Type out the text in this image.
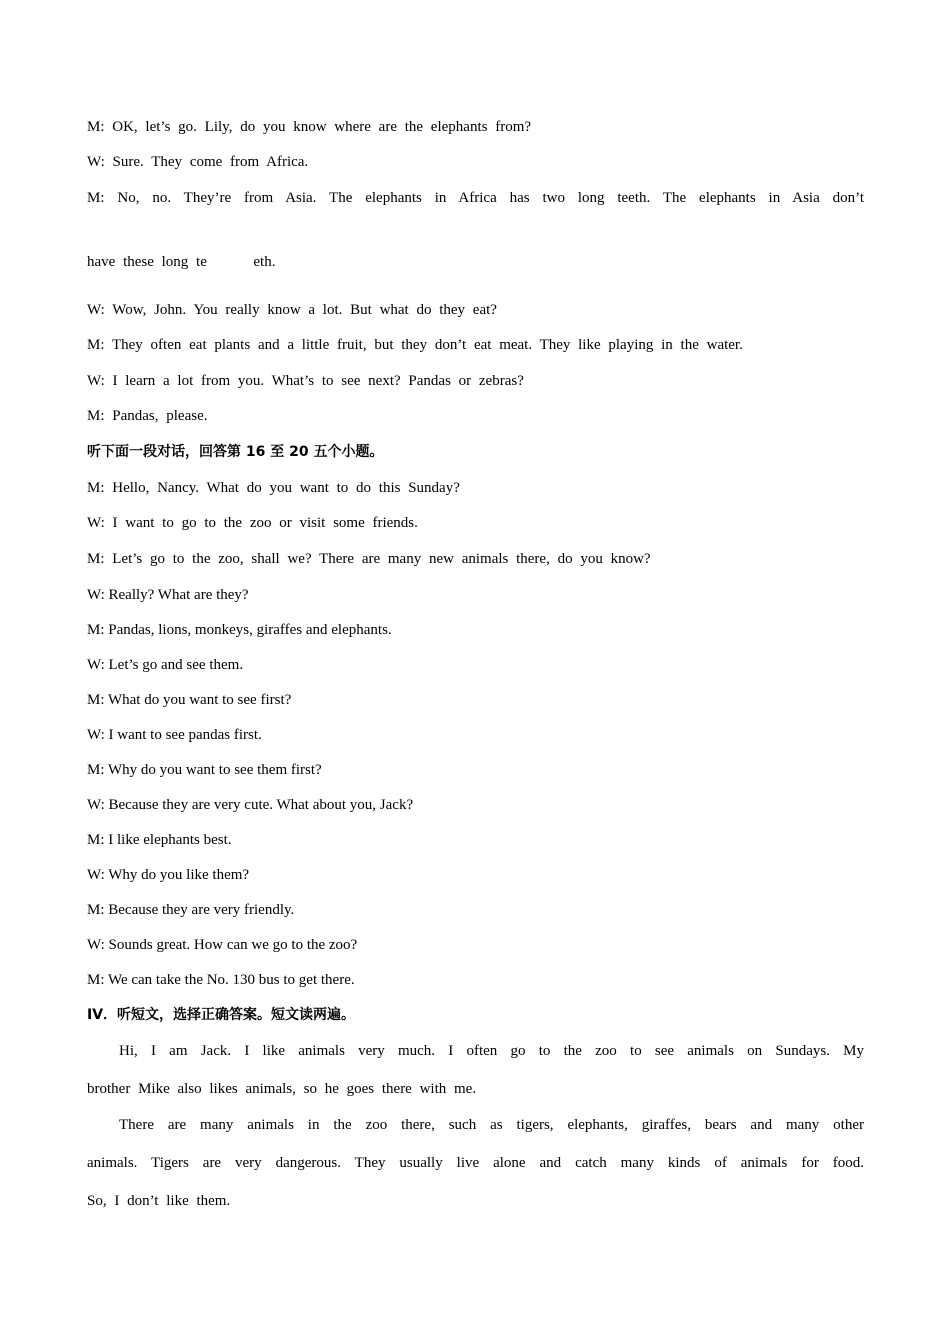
M: OK, let’s go. Lily, do you know where are the elephants from?
W: Sure. They come from Africa.
M: No, no. They’re from Asia. The elephants in Africa has two long teeth. The elephants in Asia don’t
have these long te      eth.
W: Wow, John. You really know a lot. But what do they eat?
M: They often eat plants and a little fruit, but they don’t eat meat. They like playing in the water.
W: I learn a lot from you. What’s to see next? Pandas or zebras?
M: Pandas, please.
听下面一段对话，回答第 16 至 20 五个小题。
M: Hello, Nancy. What do you want to do this Sunday?
W: I want to go to the zoo or visit some friends.
M: Let’s go to the zoo, shall we? There are many new animals there, do you know?
W: Really? What are they?
M: Pandas, lions, monkeys, giraffes and elephants.
W: Let’s go and see them.
M: What do you want to see first?
W: I want to see pandas first.
M: Why do you want to see them first?
W: Because they are very cute. What about you, Jack?
M: I like elephants best.
W: Why do you like them?
M: Because they are very friendly.
W: Sounds great. How can we go to the zoo?
M: We can take the No. 130 bus to get there.
IV．听短文，选择正确答案。短文读两遍。
Hi, I am Jack. I like animals very much. I often go to the zoo to see animals on Sundays. My
brother Mike also likes animals, so he goes there with me.
There are many animals in the zoo there, such as tigers, elephants, giraffes, bears and many other
animals. Tigers are very dangerous. They usually live alone and catch many kinds of animals for food.
So, I don’t like them.
